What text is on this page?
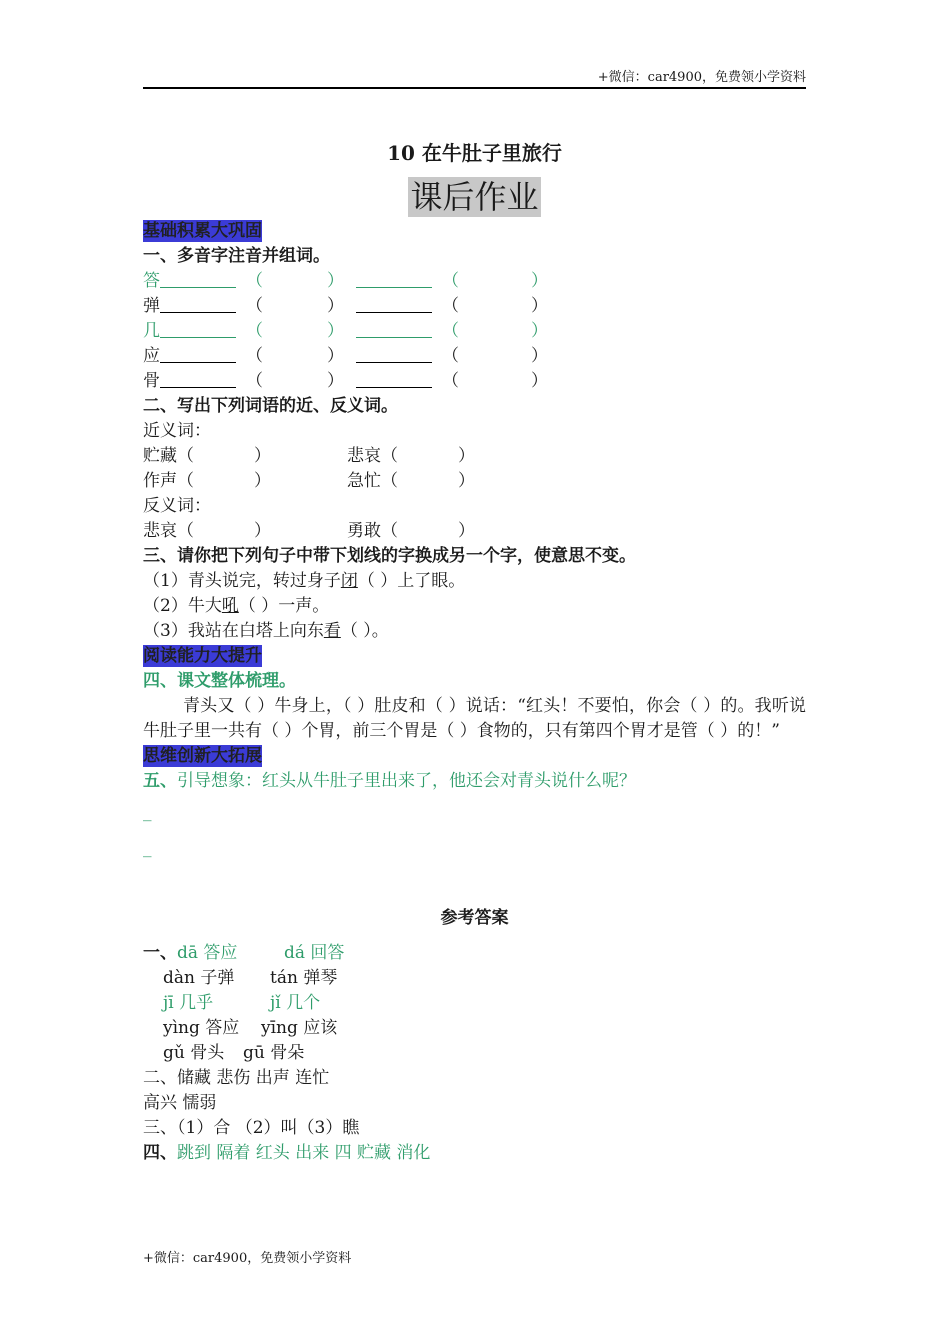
+微信：car4900，免费领小学资料
10 在牛肚子里旅行
课后作业
基础积累大巩固
一、多音字注音并组词。
答	（	）	（	）
弹	（	）	（	）
几	（	）	（	）
应	（	）	（	）
骨	（	）	（	）
二、写出下列词语的近、反义词。
近义词：
贮藏（	）	悲哀（	）
作声（	）	急忙（	）
反义词：
悲哀（	）	勇敢（	）
三、请你把下列句子中带下划线的字换成另一个字，使意思不变。
（1）青头说完，转过身子闭（ ）上了眼。
（2）牛大吼（ ）一声。
（3）我站在白塔上向东看（ ）。
阅读能力大提升
四、课文整体梳理。
青头又（ ）牛身上，（ ）肚皮和（ ）说话：“红头！不要怕，你会（ ）的。我听说牛肚子里一共有（ ）个胃，前三个胃是（ ）食物的，只有第四个胃才是管（ ）的！”
思维创新大拓展
五、引导想象：红头从牛肚子里出来了，他还会对青头说什么呢？
_
_
参考答案
一、dā 答应	dá 回答
dàn 子弹 tán 弹琴
jī 几乎	jǐ 几个
yìng 答应 yīng 应该
gǔ 骨头 gū 骨朵
二、储藏 悲伤 出声 连忙
高兴 懦弱
三、（1）合 （2）叫（3）瞧
四、跳到 隔着 红头 出来 四 贮藏 消化
+微信：car4900，免费领小学资料
